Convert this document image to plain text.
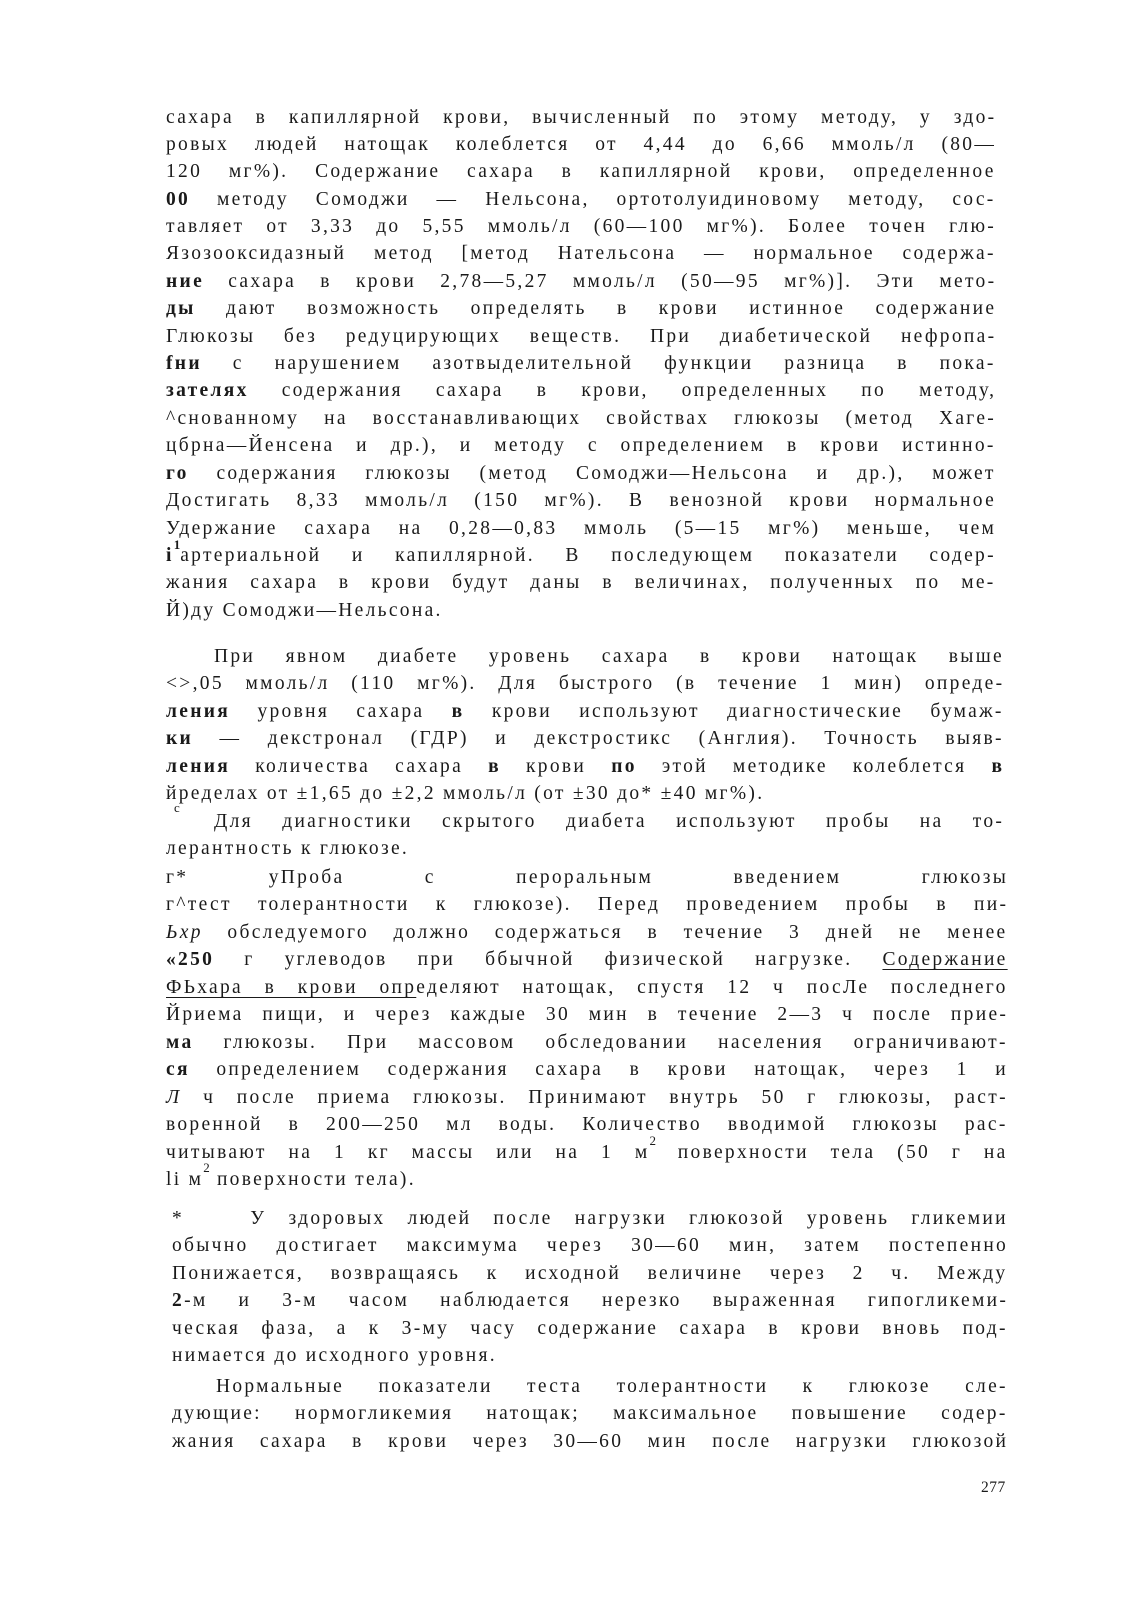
сахара в капиллярной крови, вычисленный по этому методу, у здо-
ровых людей натощак колеблется от 4,44 до 6,66 ммоль/л (80—
120 мг%). Содержание сахара в капиллярной крови, определенное
00 методу Сомоджи — Нельсона, ортотолуидиновому методу, сос-
тавляет от 3,33 до 5,55 ммоль/л (60—100 мг%). Более точен глю-
Язозооксидазный метод [метод Нательсона — нормальное содержа-
ние сахара в крови 2,78—5,27 ммоль/л (50—95 мг%)]. Эти мето-
ды дают возможность определять в крови истинное содержание
Глюкозы без редуцирующих веществ. При диабетической нефропа-
fни с нарушением азотвыделительной функции разница в пока-
зателях содержания сахара в крови, определенных по методу,
^снованному на восстанавливающих свойствах глюкозы (метод Хаге-
цбрна—Йенсена и др.), и методу с определением в крови истинно-
го содержания глюкозы (метод Сомоджи—Нельсона и др.), может
Достигать 8,33 ммоль/л (150 мг%). В венозной крови нормальное
Удержание сахара на 0,28—0,83 ммоль (5—15 мг%) меньше, чем
$i^1артериальной$ и капиллярной. В последующем показатели содер-
жания сахара в крови будут даны в величинах, полученных по ме-
Й)ду Сомоджи—Нельсона.
При явном диабете уровень сахара в крови натощак выше
<>,05 ммоль/л (110 мг%). Для быстрого (в течение 1 мин) опреде-
ления уровня сахара в крови используют диагностические бумаж-
ки — декстронал (ГДР) и декстростикс (Англия). Точность выяв-
ления количества сахара в крови по этой методике колеблется в
йределах от ±1,65 до ±2,2 ммоль/л (от ±30 до* ±40 мг%).
Для диагностики скрытого диабета используют пробы на то-
лерантность к глюкозе.
г* уПроба с пероральным введением глюкозы
г^тест толерантности к глюкозе). Перед проведением пробы в пи-
Ьхр обследуемого должно содержаться в течение 3 дней не менее
«250 г углеводов при ббычной физической нагрузке. Содержание
ФЬхара в крови определяют натощак, спустя 12 ч посЛе последнего
Йриема пищи, и через каждые 30 мин в течение 2—3 ч после прие-
ма глюкозы. При массовом обследовании населения ограничивают-
ся определением содержания сахара в крови натощак, через 1 и
Л ч после приема глюкозы. Принимают внутрь 50 г глюкозы, раст-
воренной в 200—250 мл воды. Количество вводимой глюкозы рас-
читывают на 1 кг массы или на 1 $м^2$ поверхности тела (50 г на
li $м^2$ поверхности тела).
*   У здоровых людей после нагрузки глюкозой уровень гликемии
обычно достигает максимума через 30—60 мин, затем постепенно
Понижается, возвращаясь к исходной величине через 2 ч. Между
2-м и 3-м часом наблюдается нерезко выраженная гипогликеми-
ческая фаза, а к 3-му часу содержание сахара в крови вновь под-
нимается до исходного уровня.
Нормальные показатели теста толерантности к глюкозе сле-
дующие: нормогликемия натощак; максимальное повышение содер-
жания сахара в крови через 30—60 мин после нагрузки глюкозой
с
277
